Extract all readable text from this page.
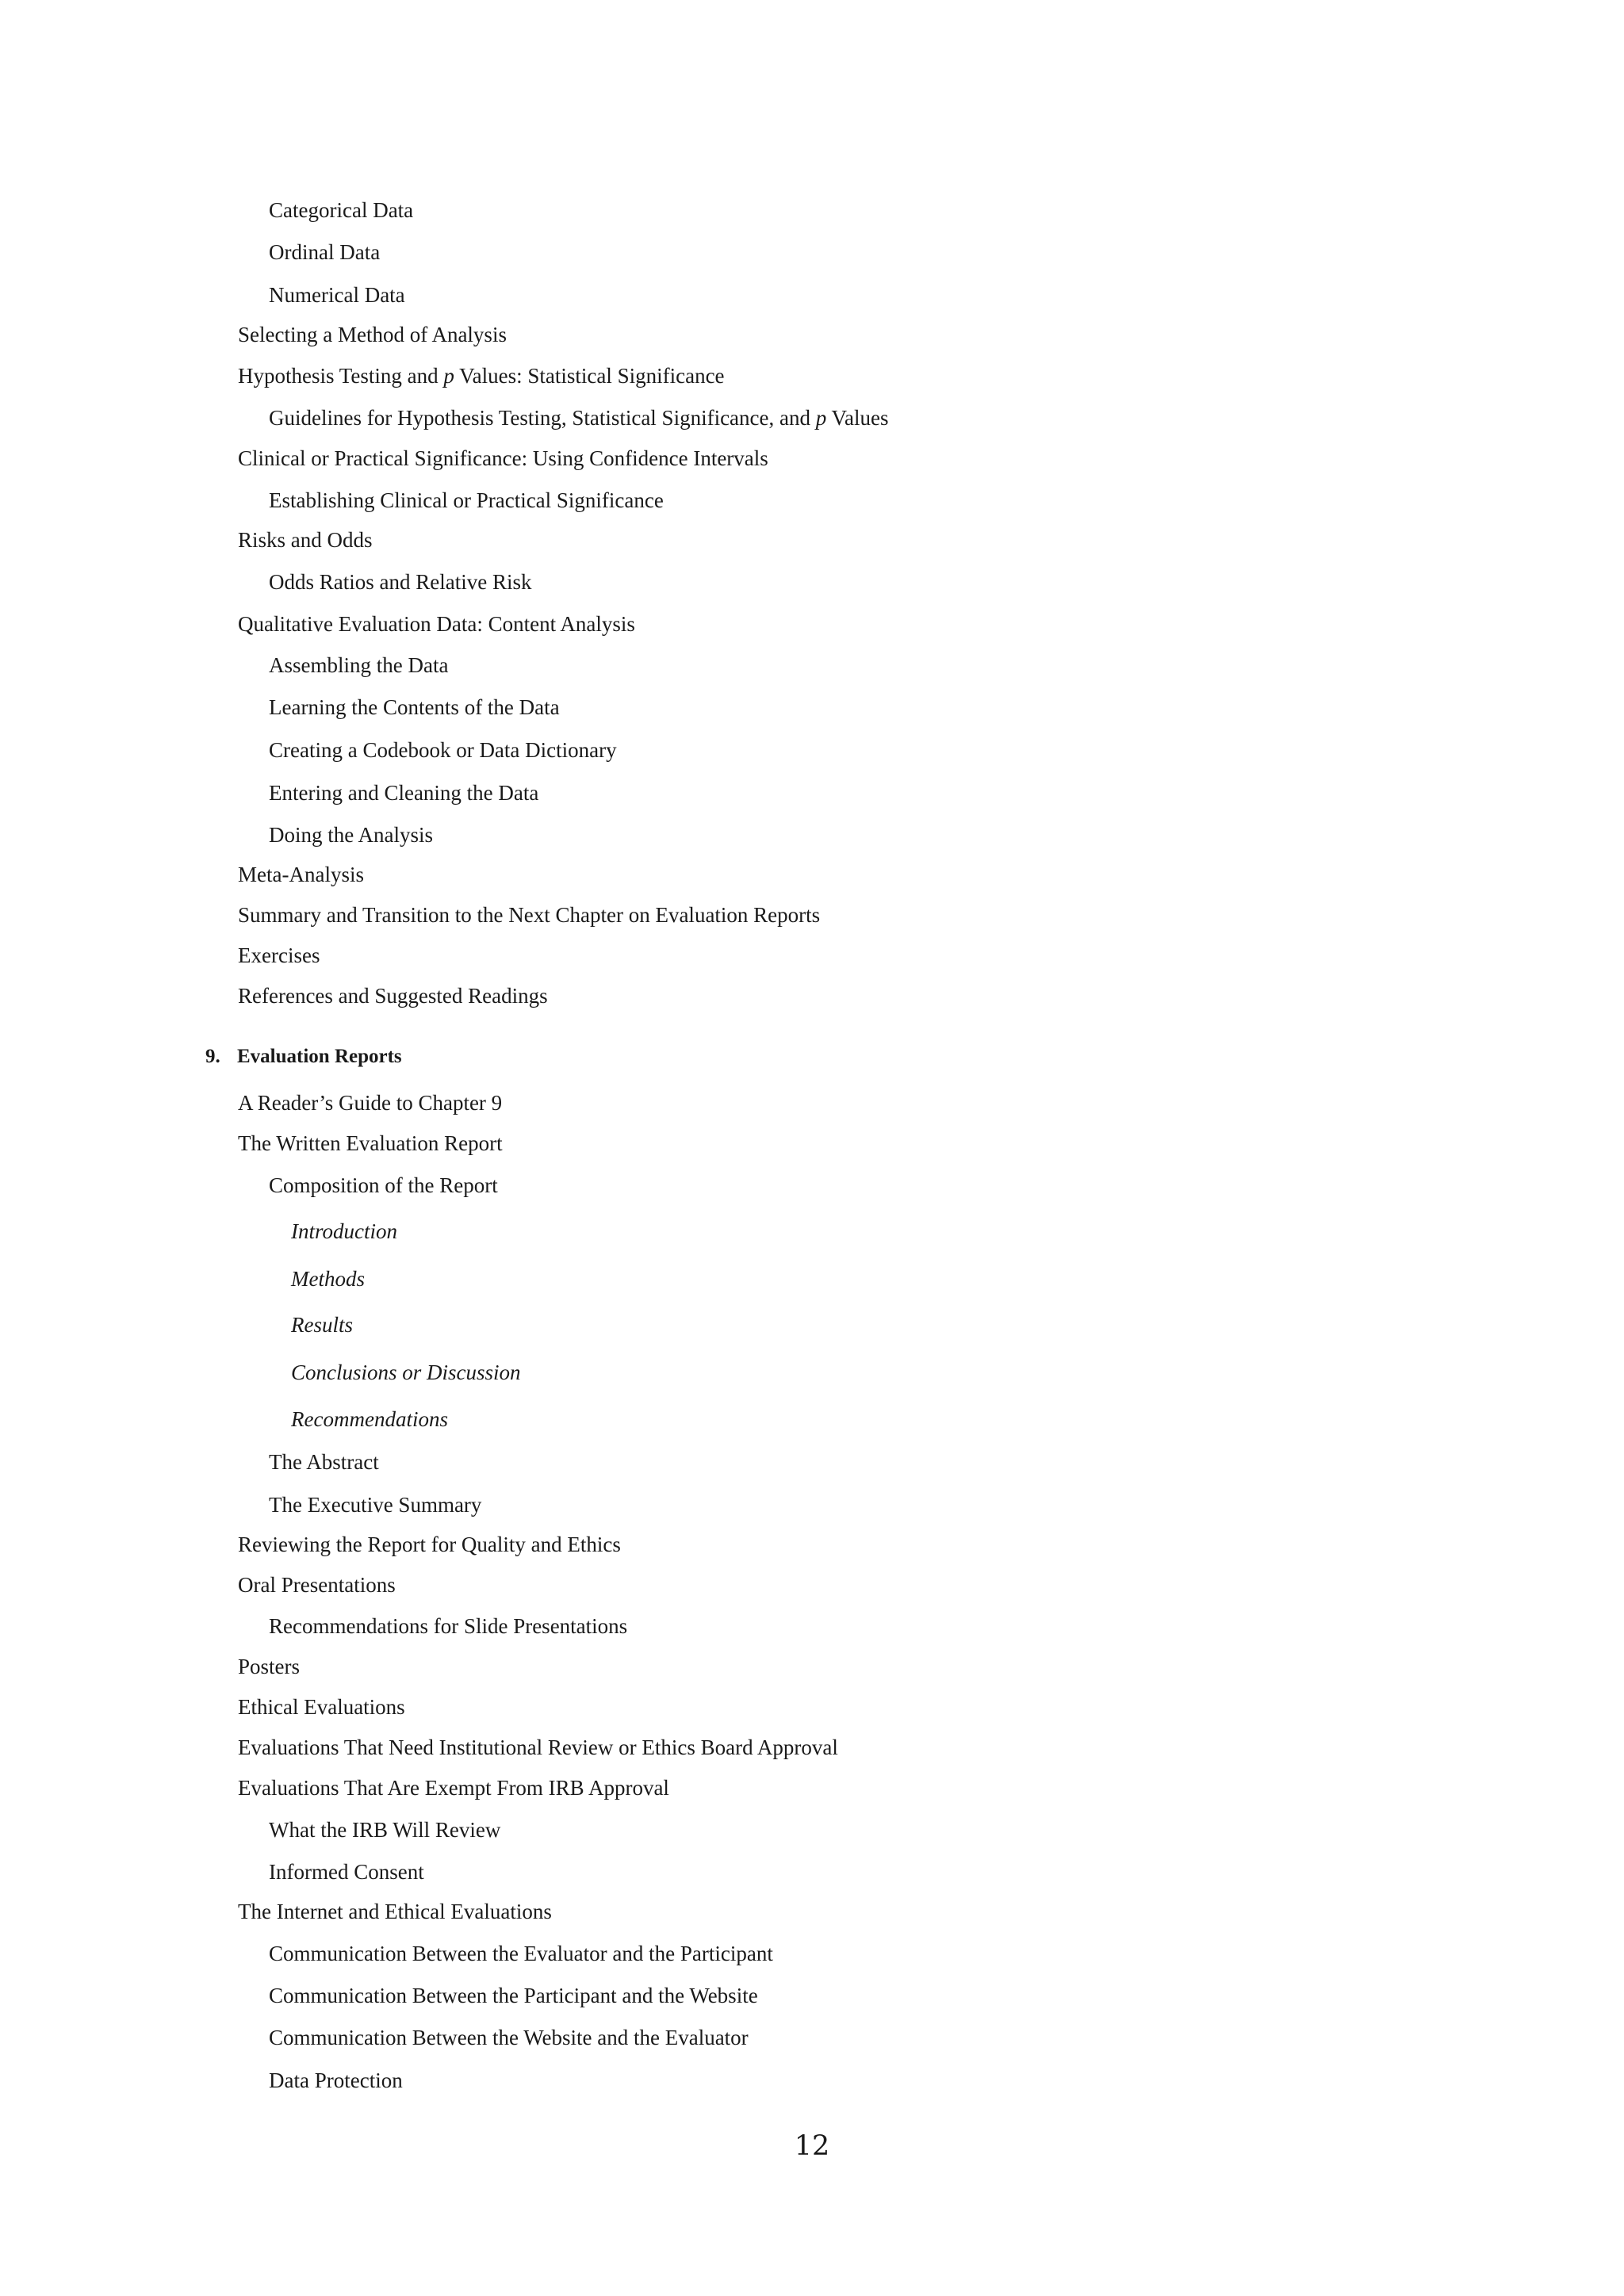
Categorical Data
Ordinal Data
Numerical Data
Selecting a Method of Analysis
Hypothesis Testing and p Values: Statistical Significance
Guidelines for Hypothesis Testing, Statistical Significance, and p Values
Clinical or Practical Significance: Using Confidence Intervals
Establishing Clinical or Practical Significance
Risks and Odds
Odds Ratios and Relative Risk
Qualitative Evaluation Data: Content Analysis
Assembling the Data
Learning the Contents of the Data
Creating a Codebook or Data Dictionary
Entering and Cleaning the Data
Doing the Analysis
Meta-Analysis
Summary and Transition to the Next Chapter on Evaluation Reports
Exercises
References and Suggested Readings
9. Evaluation Reports
A Reader’s Guide to Chapter 9
The Written Evaluation Report
Composition of the Report
Introduction
Methods
Results
Conclusions or Discussion
Recommendations
The Abstract
The Executive Summary
Reviewing the Report for Quality and Ethics
Oral Presentations
Recommendations for Slide Presentations
Posters
Ethical Evaluations
Evaluations That Need Institutional Review or Ethics Board Approval
Evaluations That Are Exempt From IRB Approval
What the IRB Will Review
Informed Consent
The Internet and Ethical Evaluations
Communication Between the Evaluator and the Participant
Communication Between the Participant and the Website
Communication Between the Website and the Evaluator
Data Protection
12
